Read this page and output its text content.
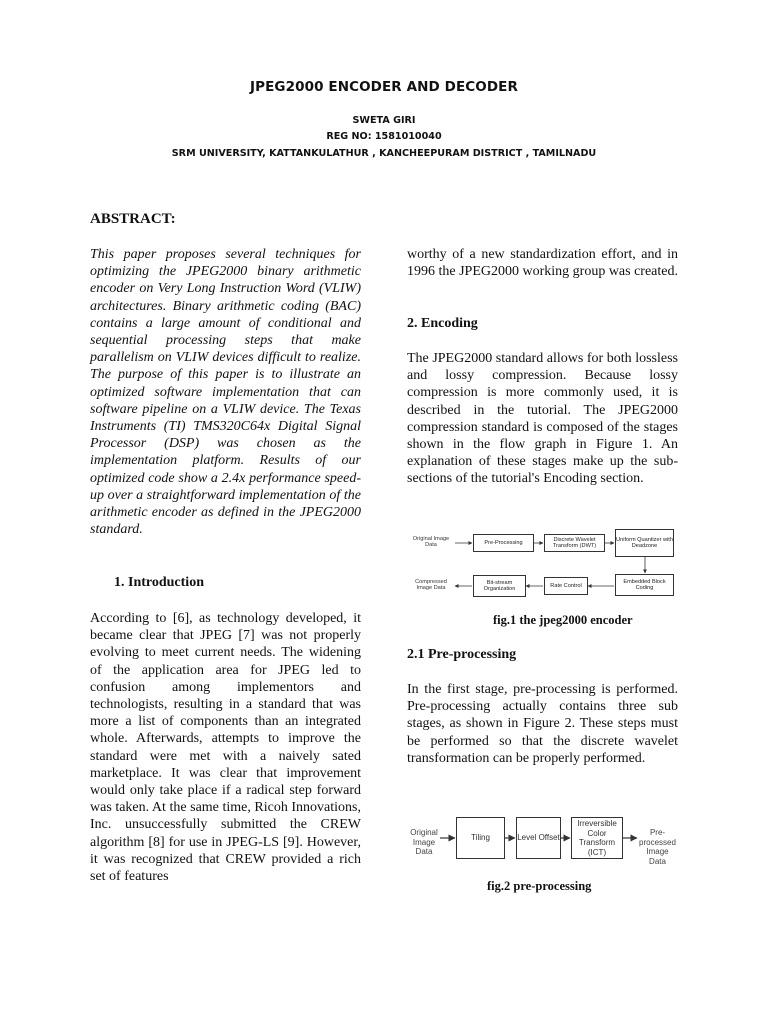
JPEG2000 ENCODER AND DECODER
SWETA GIRI
REG NO: 1581010040
SRM UNIVERSITY, KATTANKULATHUR , KANCHEEPURAM DISTRICT , TAMILNADU
ABSTRACT:

This paper proposes several techniques for optimizing the JPEG2000 binary arithmetic encoder on Very Long Instruction Word (VLIW) architectures. Binary arithmetic coding (BAC) contains a large amount of conditional and sequential processing steps that make parallelism on VLIW devices difficult to realize. The purpose of this paper is to illustrate an optimized software implementation that can software pipeline on a VLIW device. The Texas Instruments (TI) TMS320C64x Digital Signal Processor (DSP) was chosen as the implementation platform. Results of our optimized code show a 2.4x performance speed-up over a straightforward implementation of the arithmetic encoder as defined in the JPEG2000 standard.

1. Introduction

According to [6], as technology developed, it became clear that JPEG [7] was not properly evolving to meet current needs. The widening of the application area for JPEG led to confusion among implementors and technologists, resulting in a standard that was more a list of components than an integrated whole. Afterwards, attempts to improve the standard were met with a naively sated marketplace. It was clear that improvement would only take place if a radical step forward was taken. At the same time, Ricoh Innovations, Inc. unsuccessfully submitted the CREW algorithm [8] for use in JPEG-LS [9]. However, it was recognized that CREW provided a rich set of features

worthy of a new standardization effort, and in 1996 the JPEG2000 working group was created.

2. Encoding

The JPEG2000 standard allows for both lossless and lossy compression. Because lossy compression is more commonly used, it is described in the tutorial. The JPEG2000 compression standard is composed of the stages shown in the flow graph in Figure 1. An explanation of these stages make up the sub-sections of the tutorial's Encoding section.

Original Image Data	Pre-Processing
Discrete Wavelet Transform (DWT)
Uniform Quantizer with Deadzone
Embedded Block Coding
Rate Control
Bit-stream Organization
Compressed Image Data
fig.1 the jpeg2000 encoder
2.1 Pre-processing

In the first stage, pre-processing is performed. Pre-processing actually contains three sub stages, as shown in Figure 2. These steps must be performed so that the discrete wavelet transformation can be properly performed.

Original Image Data
Tiling	Level Offset
Irreversible Color Transform (ICT)
Pre-processed Image Data
fig.2 pre-processing
